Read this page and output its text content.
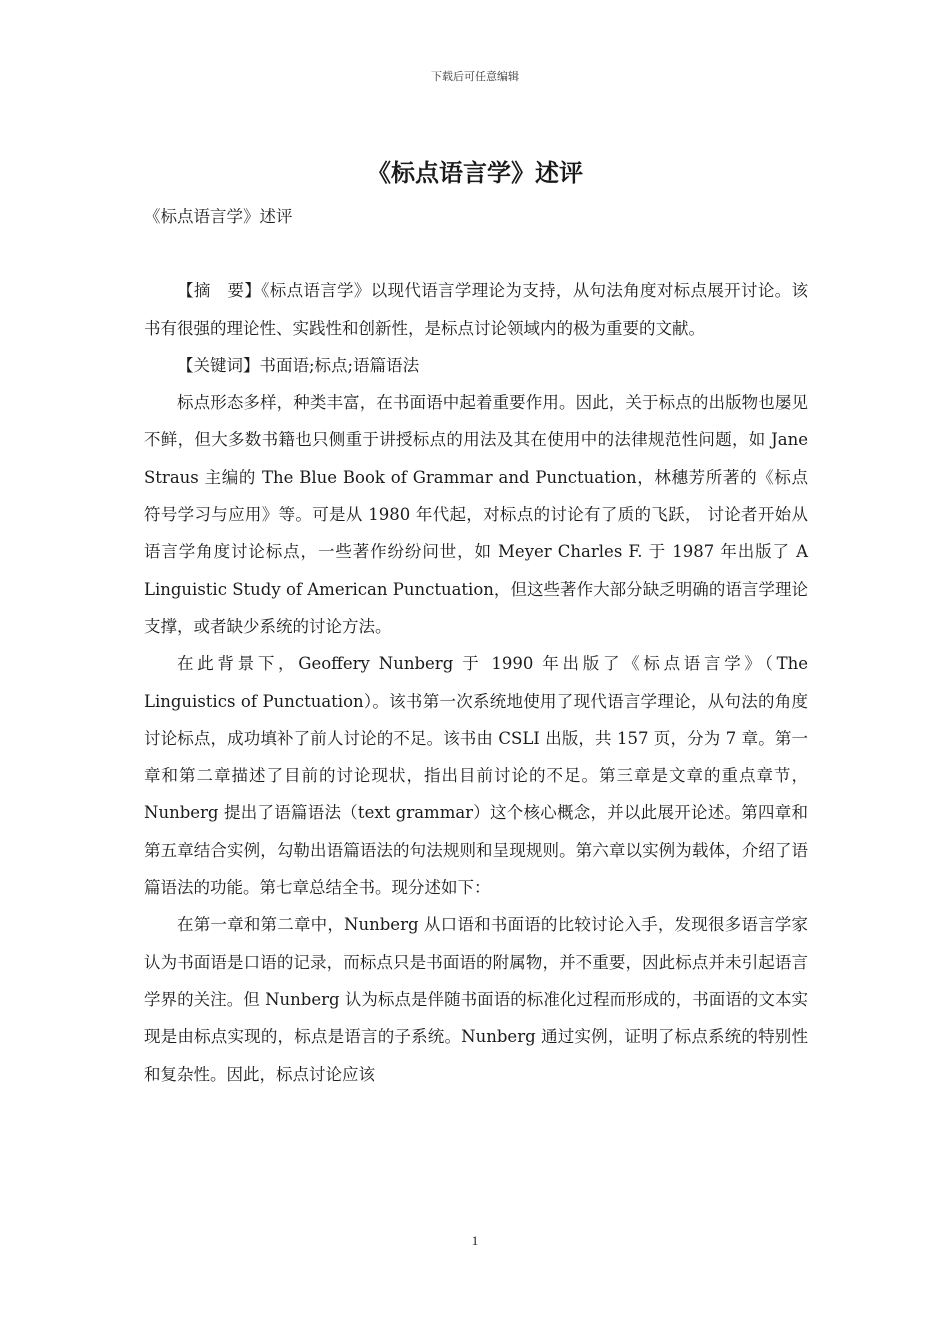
下载后可任意编辑
《标点语言学》述评

《标点语言学》述评

【摘　要】《标点语言学》以现代语言学理论为支持，从句法角度对标点展开讨论。该书有很强的理论性、实践性和创新性，是标点讨论领域内的极为重要的文献。

【关键词】书面语;标点;语篇语法

标点形态多样，种类丰富，在书面语中起着重要作用。因此，关于标点的出版物也屡见不鲜，但大多数书籍也只侧重于讲授标点的用法及其在使用中的法律规范性问题，如 Jane Straus 主编的 The Blue Book of Grammar and Punctuation，林穗芳所著的《标点符号学习与应用》等。可是从 1980 年代起，对标点的讨论有了质的飞跃， 讨论者开始从语言学角度讨论标点，一些著作纷纷问世，如 Meyer Charles F. 于 1987 年出版了 A Linguistic Study of American Punctuation，但这些著作大部分缺乏明确的语言学理论支撑，或者缺少系统的讨论方法。

在此背景下，Geoffery Nunberg 于 1990 年出版了《标点语言学》（The Linguistics of Punctuation）。该书第一次系统地使用了现代语言学理论，从句法的角度讨论标点，成功填补了前人讨论的不足。该书由 CSLI 出版，共 157 页，分为 7 章。第一章和第二章描述了目前的讨论现状，指出目前讨论的不足。第三章是文章的重点章节，Nunberg 提出了语篇语法（text grammar）这个核心概念，并以此展开论述。第四章和第五章结合实例，勾勒出语篇语法的句法规则和呈现规则。第六章以实例为载体，介绍了语篇语法的功能。第七章总结全书。现分述如下：

在第一章和第二章中，Nunberg 从口语和书面语的比较讨论入手，发现很多语言学家认为书面语是口语的记录，而标点只是书面语的附属物，并不重要，因此标点并未引起语言学界的关注。但 Nunberg 认为标点是伴随书面语的标准化过程而形成的，书面语的文本实现是由标点实现的，标点是语言的子系统。Nunberg 通过实例，证明了标点系统的特别性和复杂性。因此，标点讨论应该

1
